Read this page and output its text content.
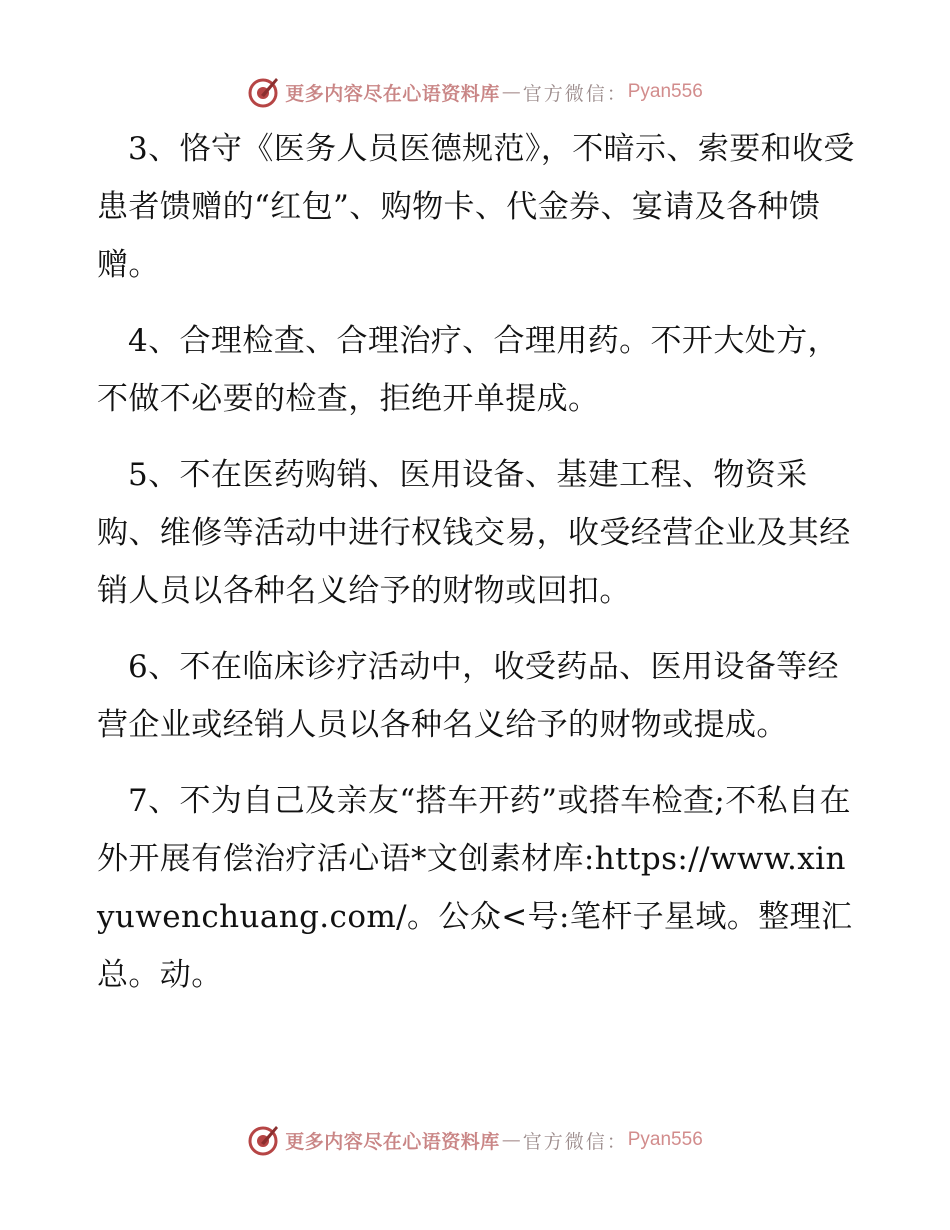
更多内容尽在心语资料库 — 官方微信： Pyan556

3、恪守《医务人员医德规范》，不暗示、索要和收受患者馈赠的“红包”、购物卡、代金券、宴请及各种馈赠。

4、合理检查、合理治疗、合理用药。不开大处方，不做不必要的检查，拒绝开单提成。

5、不在医药购销、医用设备、基建工程、物资采购、维修等活动中进行权钱交易，收受经营企业及其经销人员以各种名义给予的财物或回扣。

6、不在临床诊疗活动中，收受药品、医用设备等经营企业或经销人员以各种名义给予的财物或提成。

7、不为自己及亲友“搭车开药”或搭车检查;不私自在外开展有偿治疗活心语*文创素材库:https://www.xinyuwenchuang.com/。公众<号:笔杆子星域。整理汇总。动。

更多内容尽在心语资料库 — 官方微信： Pyan556
